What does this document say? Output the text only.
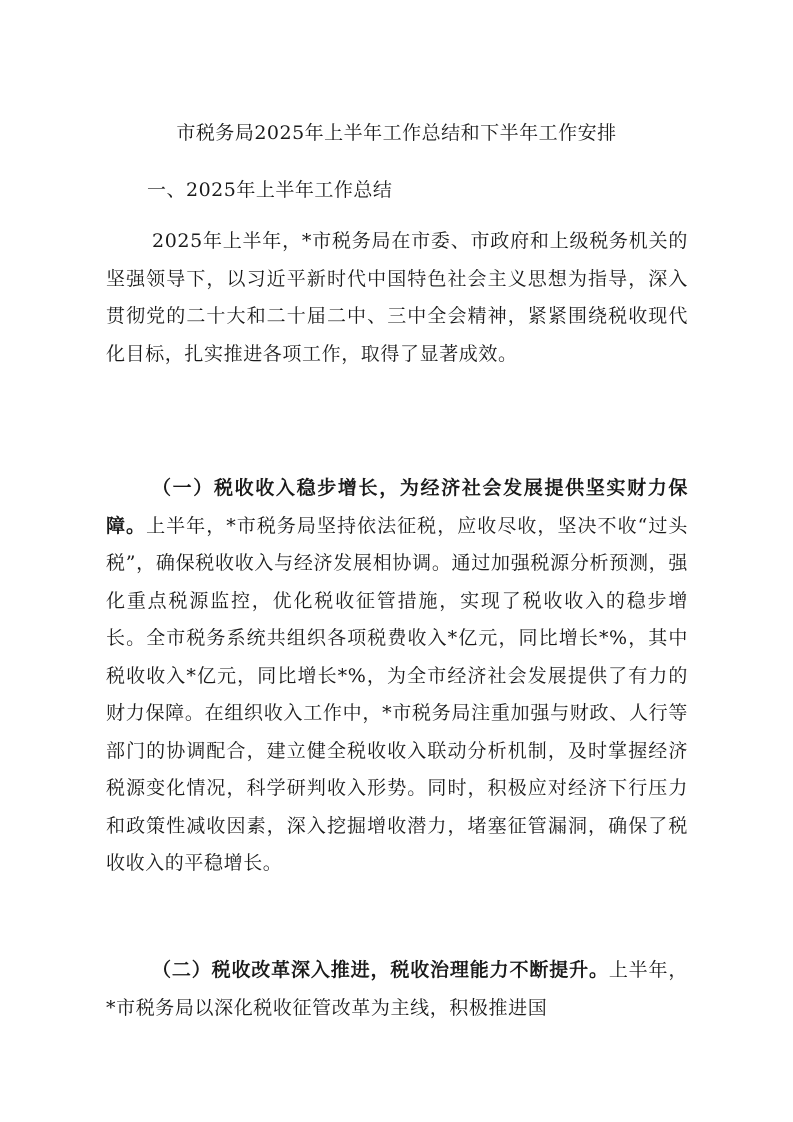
市税务局2025年上半年工作总结和下半年工作安排
一、2025年上半年工作总结

2025年上半年，*市税务局在市委、市政府和上级税务机关的坚强领导下，以习近平新时代中国特色社会主义思想为指导，深入贯彻党的二十大和二十届二中、三中全会精神，紧紧围绕税收现代化目标，扎实推进各项工作，取得了显著成效。

（一）税收收入稳步增长，为经济社会发展提供坚实财力保障。上半年，*市税务局坚持依法征税，应收尽收，坚决不收“过头税”，确保税收收入与经济发展相协调。通过加强税源分析预测，强化重点税源监控，优化税收征管措施，实现了税收收入的稳步增长。全市税务系统共组织各项税费收入*亿元，同比增长*%，其中税收收入*亿元，同比增长*%，为全市经济社会发展提供了有力的财力保障。在组织收入工作中，*市税务局注重加强与财政、人行等部门的协调配合，建立健全税收收入联动分析机制，及时掌握经济税源变化情况，科学研判收入形势。同时，积极应对经济下行压力和政策性减收因素，深入挖掘增收潜力，堵塞征管漏洞，确保了税收收入的平稳增长。

（二）税收改革深入推进，税收治理能力不断提升。上半年，*市税务局以深化税收征管改革为主线，积极推进国
